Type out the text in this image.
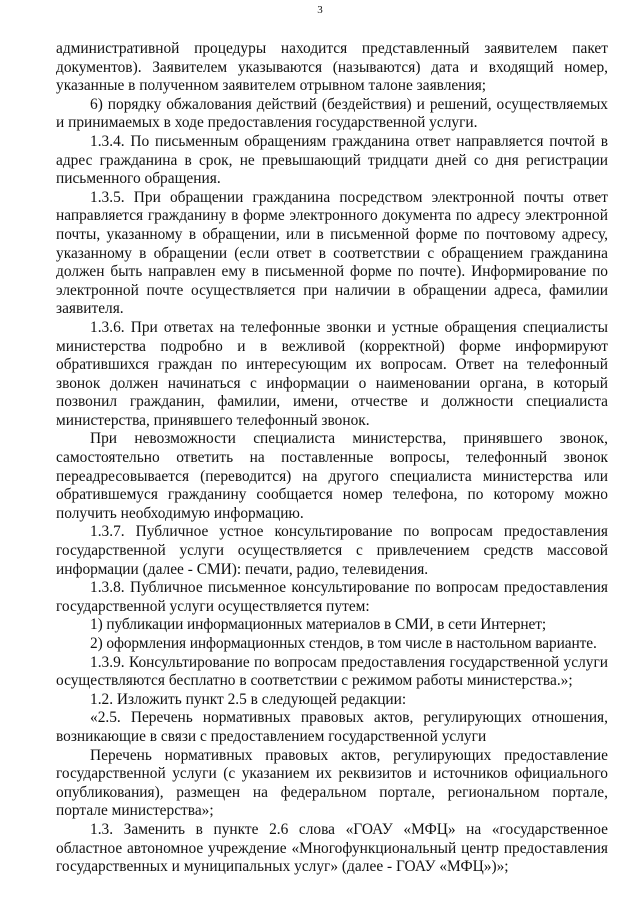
3

административной процедуры находится представленный заявителем пакет документов). Заявителем указываются (называются) дата и входящий номер, указанные в полученном заявителем отрывном талоне заявления;

6) порядку обжалования действий (бездействия) и решений, осуществляемых и принимаемых в ходе предоставления государственной услуги.

1.3.4. По письменным обращениям гражданина ответ направляется почтой в адрес гражданина в срок, не превышающий тридцати дней со дня регистрации письменного обращения.

1.3.5. При обращении гражданина посредством электронной почты ответ направляется гражданину в форме электронного документа по адресу электронной почты, указанному в обращении, или в письменной форме по почтовому адресу, указанному в обращении (если ответ в соответствии с обращением гражданина должен быть направлен ему в письменной форме по почте). Информирование по электронной почте осуществляется при наличии в обращении адреса, фамилии заявителя.

1.3.6. При ответах на телефонные звонки и устные обращения специалисты министерства подробно и в вежливой (корректной) форме информируют обратившихся граждан по интересующим их вопросам. Ответ на телефонный звонок должен начинаться с информации о наименовании органа, в который позвонил гражданин, фамилии, имени, отчестве и должности специалиста министерства, принявшего телефонный звонок.

При невозможности специалиста министерства, принявшего звонок, самостоятельно ответить на поставленные вопросы, телефонный звонок переадресовывается (переводится) на другого специалиста министерства или обратившемуся гражданину сообщается номер телефона, по которому можно получить необходимую информацию.

1.3.7. Публичное устное консультирование по вопросам предоставления государственной услуги осуществляется с привлечением средств массовой информации (далее - СМИ): печати, радио, телевидения.

1.3.8. Публичное письменное консультирование по вопросам предоставления государственной услуги осуществляется путем:

1) публикации информационных материалов в СМИ, в сети Интернет;

2) оформления информационных стендов, в том числе в настольном варианте.

1.3.9. Консультирование по вопросам предоставления государственной услуги осуществляются бесплатно в соответствии с режимом работы министерства.»;

1.2. Изложить пункт 2.5 в следующей редакции:

«2.5. Перечень нормативных правовых актов, регулирующих отношения, возникающие в связи с предоставлением государственной услуги

Перечень нормативных правовых актов, регулирующих предоставление государственной услуги (с указанием их реквизитов и источников официального опубликования), размещен на федеральном портале, региональном портале, портале министерства»;

1.3. Заменить в пункте 2.6 слова «ГОАУ «МФЦ» на «государственное областное автономное учреждение «Многофункциональный центр предоставления государственных и муниципальных услуг» (далее - ГОАУ «МФЦ»)»;
